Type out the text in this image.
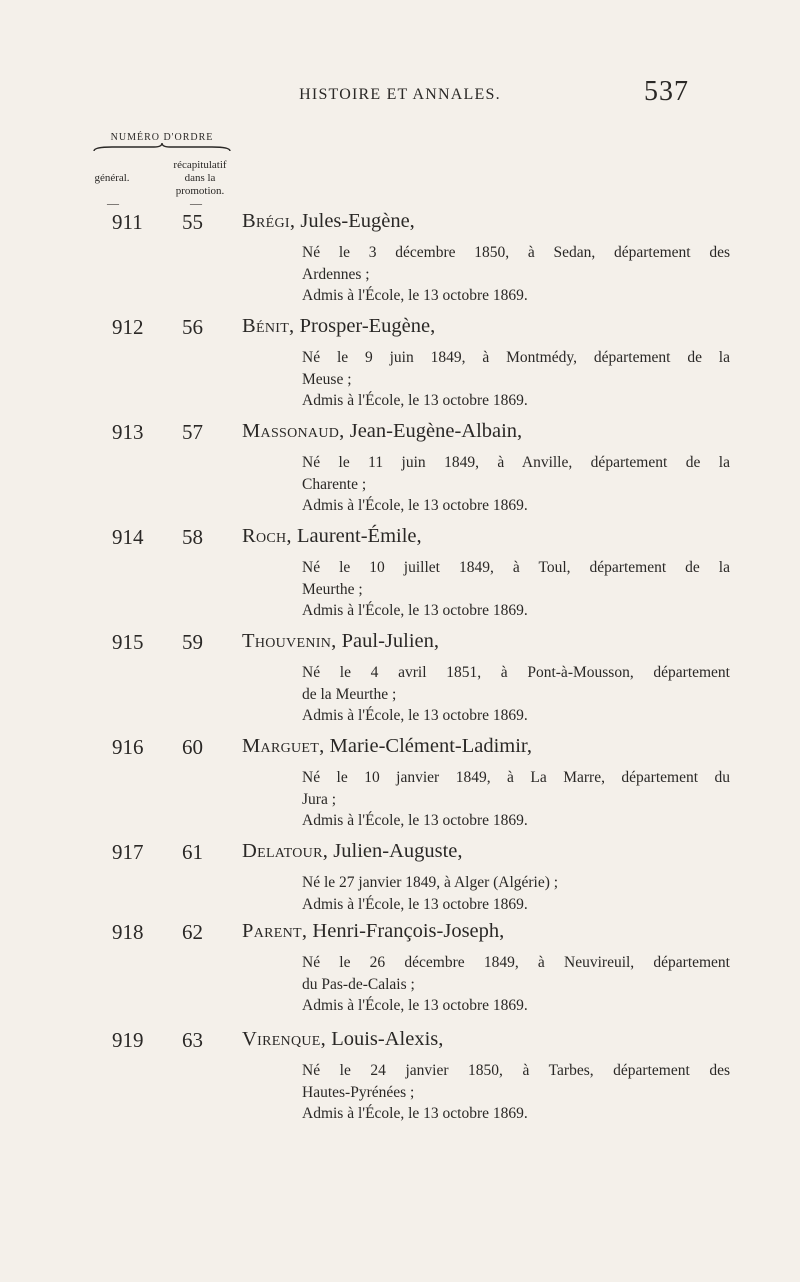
HISTOIRE ET ANNALES.	537
NUMÉRO D'ORDRE
général.
récapitulatif
dans la
promotion.
—	—
911 55 Brégi, Jules-Eugène,

Né le 3 décembre 1850, à Sedan, département des
Ardennes ;

Admis à l'École, le 13 octobre 1869.
912 56 Bénit, Prosper-Eugène,

Né le 9 juin 1849, à Montmédy, département de la
Meuse ;

Admis à l'École, le 13 octobre 1869.
913 57 Massonaud, Jean-Eugène-Albain,

Né le 11 juin 1849, à Anville, département de la
Charente ;

Admis à l'École, le 13 octobre 1869.
914 58 Roch, Laurent-Émile,

Né le 10 juillet 1849, à Toul, département de la
Meurthe ;

Admis à l'École, le 13 octobre 1869.
915 59 Thouvenin, Paul-Julien,

Né le 4 avril 1851, à Pont-à-Mousson, département
de la Meurthe ;

Admis à l'École, le 13 octobre 1869.
916 60 Marguet, Marie-Clément-Ladimir,

Né le 10 janvier 1849, à La Marre, département du
Jura ;

Admis à l'École, le 13 octobre 1869.
917 61 Delatour, Julien-Auguste,

Né le 27 janvier 1849, à Alger (Algérie) ;

Admis à l'École, le 13 octobre 1869.
918 62 Parent, Henri-François-Joseph,

Né le 26 décembre 1849, à Neuvireuil, département
du Pas-de-Calais ;

Admis à l'École, le 13 octobre 1869.
919 63 Virenque, Louis-Alexis,

Né le 24 janvier 1850, à Tarbes, département des
Hautes-Pyrénées ;

Admis à l'École, le 13 octobre 1869.
